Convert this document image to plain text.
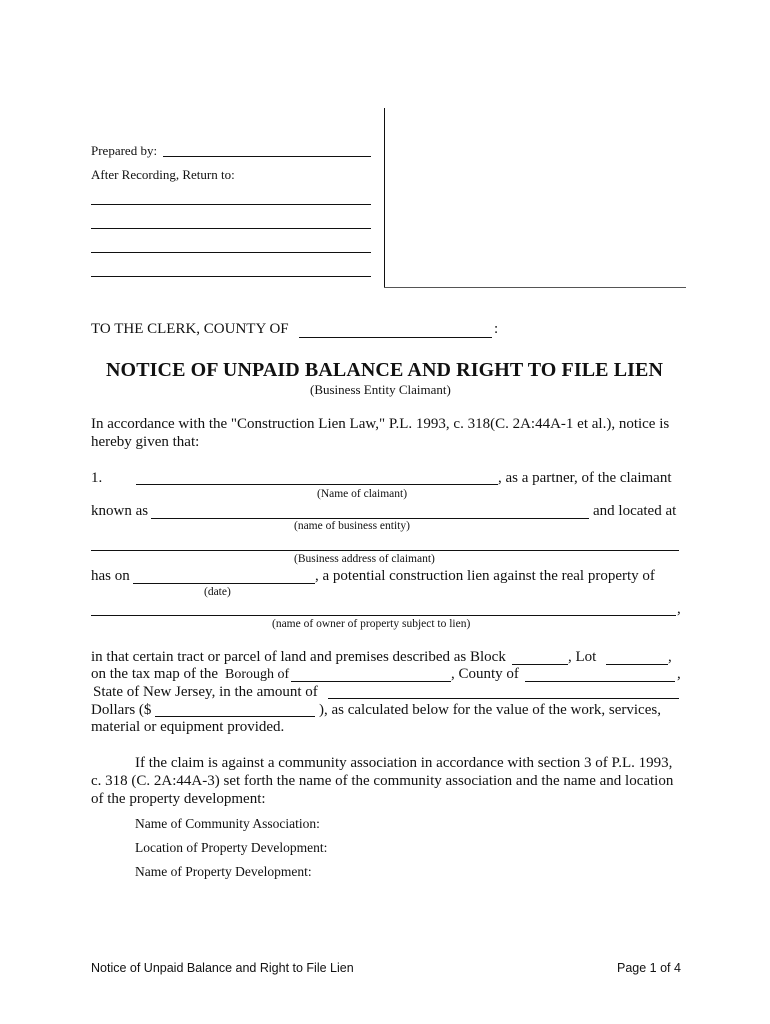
Prepared by:
After Recording, Return to:
TO THE CLERK, COUNTY OF	:
NOTICE OF UNPAID BALANCE AND RIGHT TO FILE LIEN
(Business Entity Claimant)
In accordance with the "Construction Lien Law," P.L. 1993, c. 318(C. 2A:44A-1 et al.), notice is
hereby given that:
1.	, as a partner, of the claimant
(Name of claimant)
known as	and located at
(name of business entity)
(Business address of claimant)
has on	, a potential construction lien against the real property of
(date)
,
(name of owner of property subject to lien)
in that certain tract or parcel of land and premises described as Block	, Lot	,
on the tax map of the Borough of	, County of	,
State of New Jersey, in the amount of
Dollars ($	), as calculated below for the value of the work, services,
material or equipment provided.
If the claim is against a community association in accordance with section 3 of P.L. 1993,
c. 318 (C. 2A:44A-3) set forth the name of the community association and the name and location
of the property development:
Name of Community Association:
Location of Property Development:
Name of Property Development:
Notice of Unpaid Balance and Right to File Lien	Page 1 of 4
